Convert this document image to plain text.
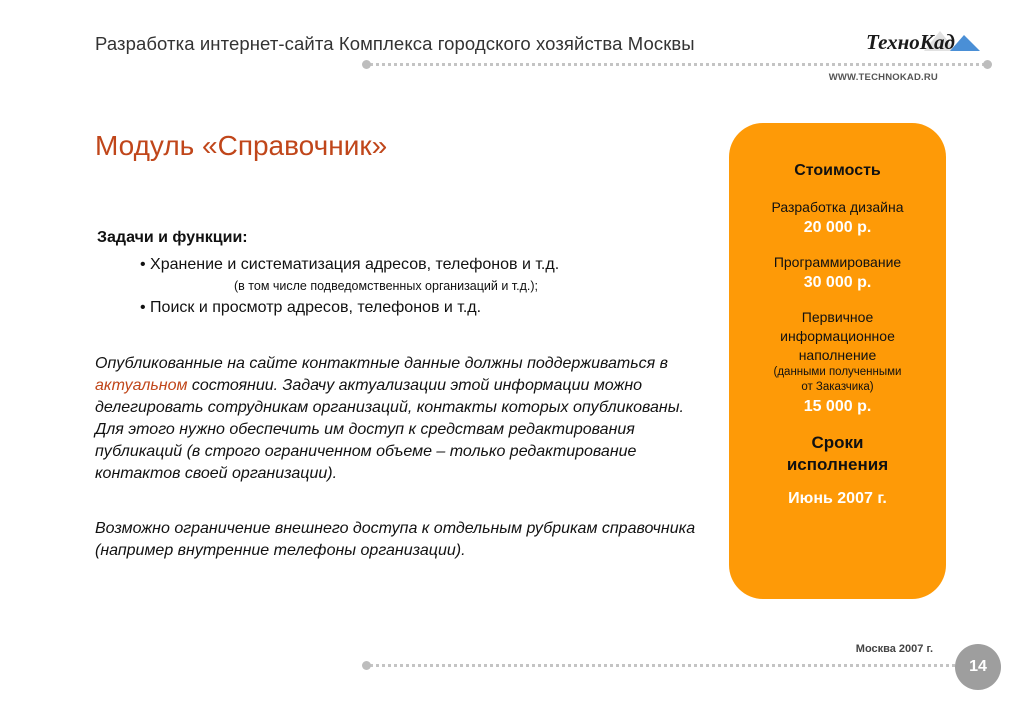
Разработка интернет-сайта Комплекса городского хозяйства Москвы	ТехноКад
WWW.TECHNOKAD.RU
Модуль «Справочник»
Задачи и функции:
• Хранение и систематизация адресов, телефонов и т.д.
(в том числе подведомственных организаций и т.д.);
• Поиск и просмотр адресов, телефонов и т.д.
Опубликованные на сайте контактные данные должны поддерживаться в актуальном состоянии. Задачу актуализации этой информации можно делегировать сотрудникам организаций, контакты которых опубликованы. Для этого нужно обеспечить им доступ к средствам редактирования публикаций (в строго ограниченном объеме – только редактирование контактов своей организации).
Возможно ограничение внешнего доступа к отдельным рубрикам справочника (например внутренние телефоны организации).
Стоимость
Разработка дизайна
20 000 р.
Программирование
30 000 р.
Первичное
информационное
наполнение
(данными полученными
от Заказчика)
15 000 р.
Сроки
исполнения
Июнь 2007 г.
Москва 2007 г.
14
